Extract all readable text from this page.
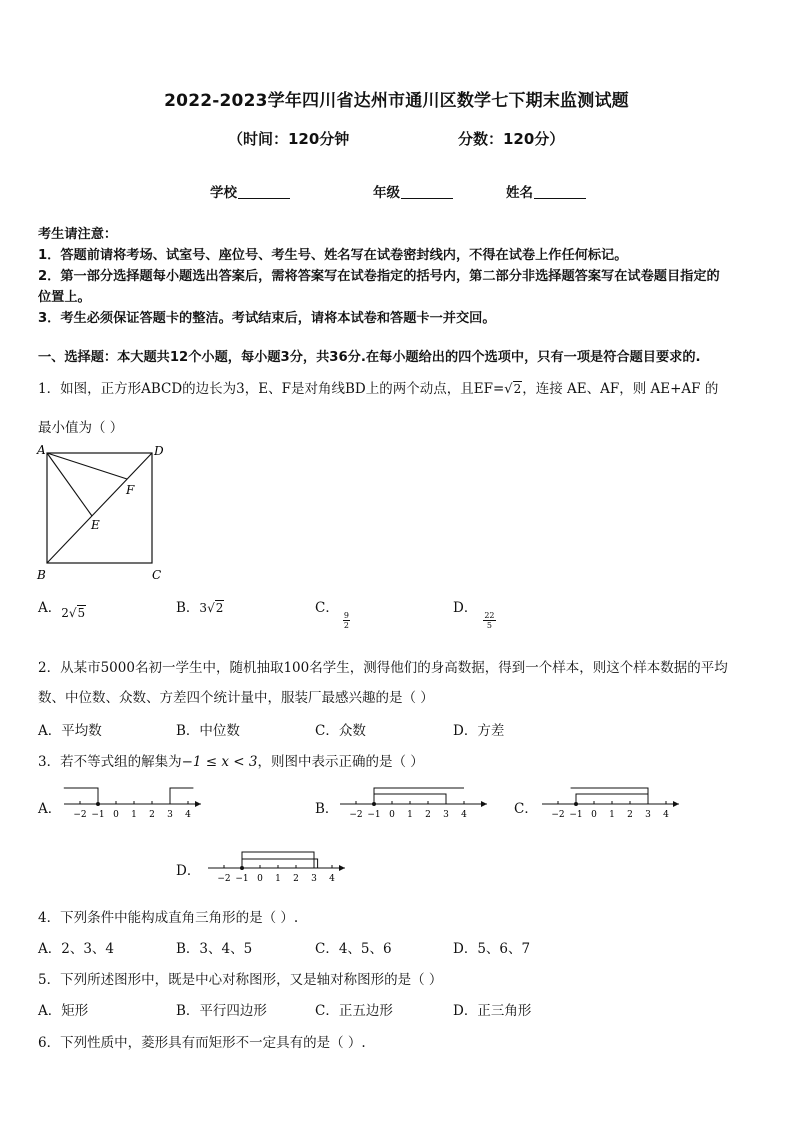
2022-2023学年四川省达州市通川区数学七下期末监测试题
（时间：120分钟	分数：120分）
学校	年级	姓名
考生请注意：
1．答题前请将考场、试室号、座位号、考生号、姓名写在试卷密封线内，不得在试卷上作任何标记。
2．第一部分选择题每小题选出答案后，需将答案写在试卷指定的括号内，第二部分非选择题答案写在试卷题目指定的
位置上。
3．考生必须保证答题卡的整洁。考试结束后，请将本试卷和答题卡一并交回。
一、选择题：本大题共12个小题，每小题3分，共36分.在每小题给出的四个选项中，只有一项是符合题目要求的.
1．如图，正方形ABCD的边长为3，E、F是对角线BD上的两个动点，且EF=√2，连接 AE、AF，则 AE+AF 的
最小值为（ ）
A	D
B	C
F
E
A．2√5	B．3√2	C．
$\frac{9}{2}$
D．
$\frac{22}{5}$
2．从某市5000名初一学生中，随机抽取100名学生，测得他们的身高数据，得到一个样本，则这个样本数据的平均
数、中位数、众数、方差四个统计量中，服装厂最感兴趣的是（ ）
A．平均数	B．中位数	C．众数	D．方差
3．若不等式组的解集为−1 ≤ x < 3，则图中表示正确的是（ ）
A．	B．	C．
D．
−2 −1 0 1 2 3 4	−2 −1 0 1 2 3 4	−2 −1 0 1 2 3 4
−2 −1 0 1 2 3 4
4．下列条件中能构成直角三角形的是（ ）.
A．2、3、4	B．3、4、5	C．4、5、6	D．5、6、7
5．下列所述图形中，既是中心对称图形，又是轴对称图形的是（ ）
A．矩形	B．平行四边形	C．正五边形	D．正三角形
6．下列性质中，菱形具有而矩形不一定具有的是（ ）.
